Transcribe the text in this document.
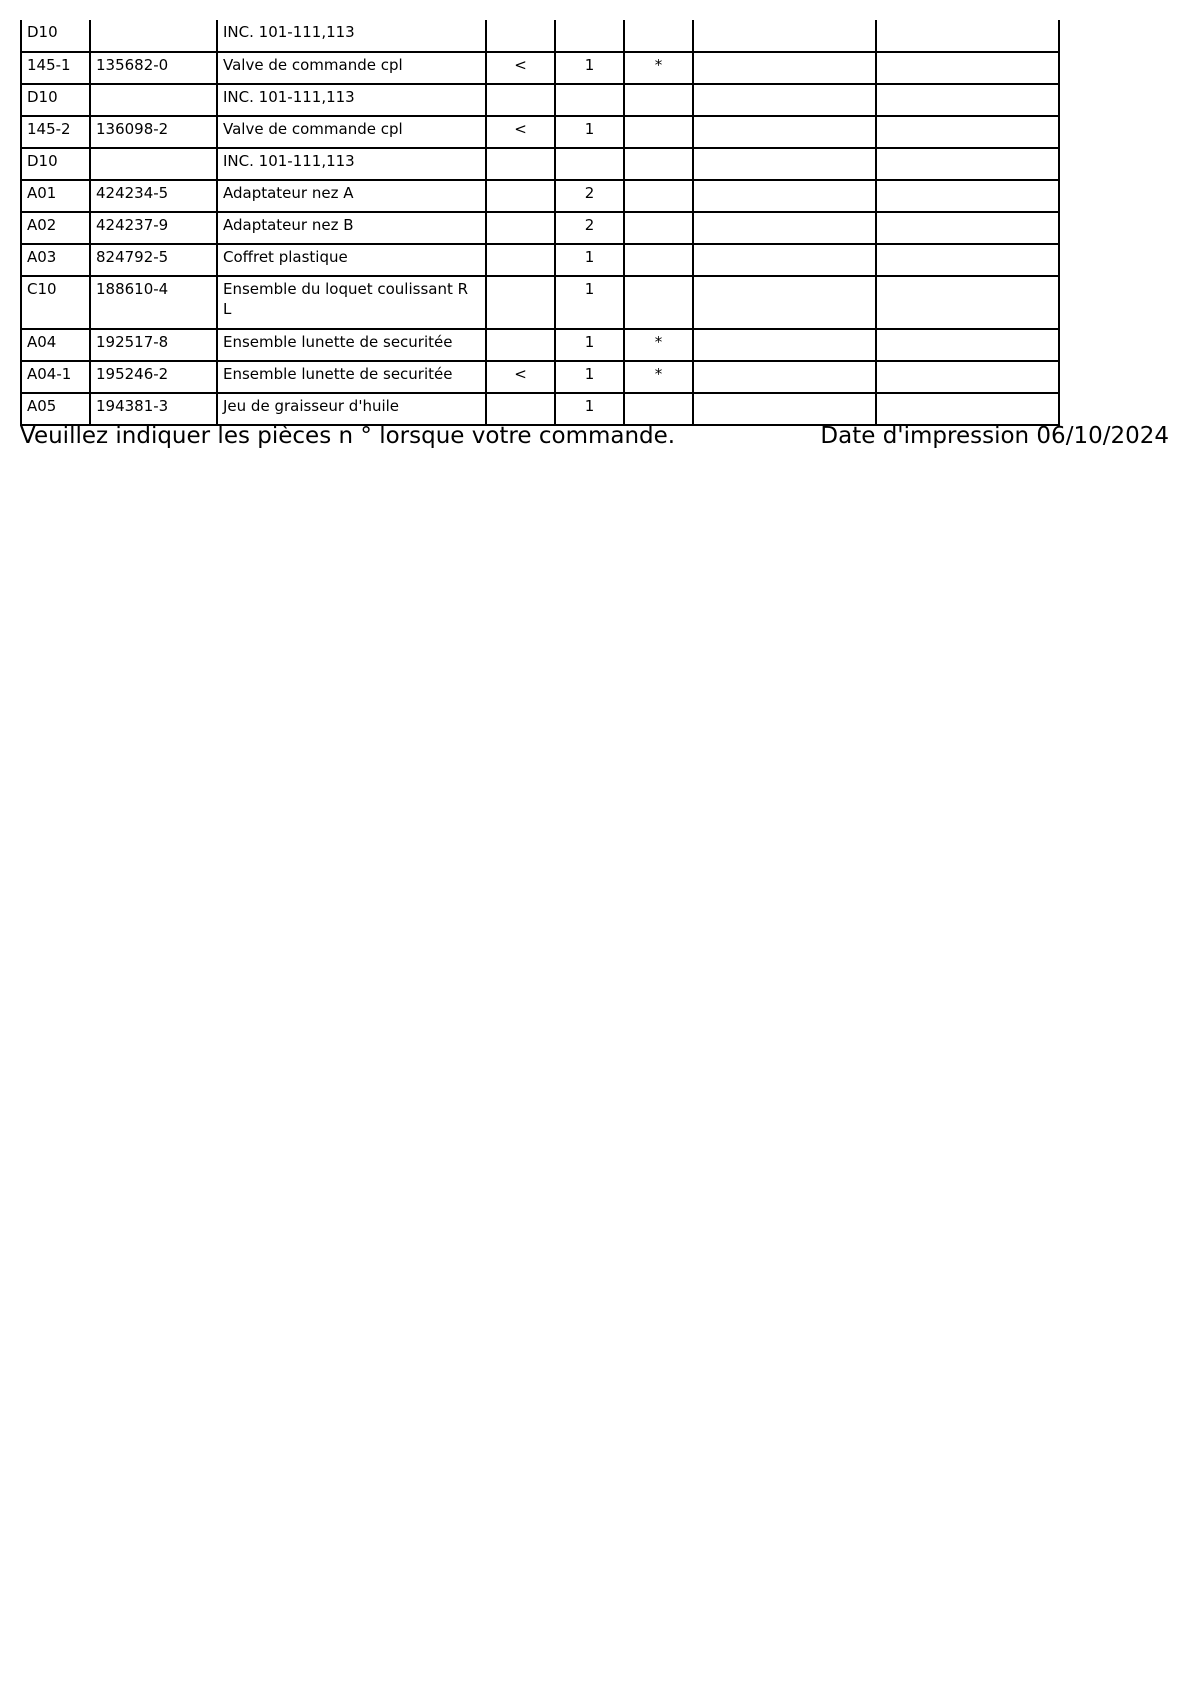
D10		INC. 101-111,113					
145-1	135682-0	Valve de commande cpl	<	1	*		
D10		INC. 101-111,113					
145-2	136098-2	Valve de commande cpl	<	1			
D10		INC. 101-111,113					
A01	424234-5	Adaptateur nez A		2			
A02	424237-9	Adaptateur nez B		2			
A03	824792-5	Coffret plastique		1			
C10	188610-4	Ensemble du loquet coulissant R L		1			
A04	192517-8	Ensemble lunette de securitée		1	*		
A04-1	195246-2	Ensemble lunette de securitée	<	1	*		
A05	194381-3	Jeu de graisseur d'huile		1			
Veuillez indiquer les pièces n ° lorsque votre commande.	Date d'impression 06/10/2024
